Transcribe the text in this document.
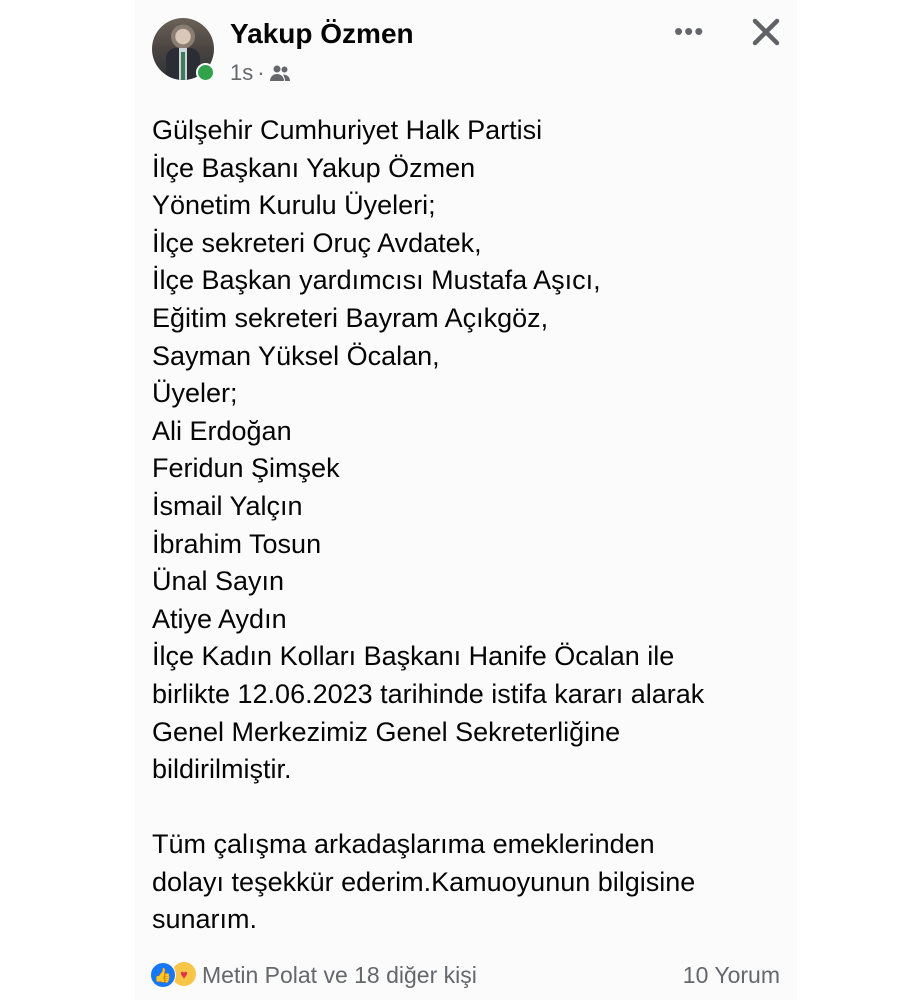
Yakup Özmen
1s ·
•••
Gülşehir Cumhuriyet Halk Partisi
İlçe Başkanı Yakup Özmen
Yönetim Kurulu Üyeleri;
İlçe sekreteri Oruç Avdatek,
İlçe Başkan yardımcısı Mustafa Aşıcı,
Eğitim sekreteri Bayram Açıkgöz,
Sayman Yüksel Öcalan,
Üyeler;
Ali Erdoğan
Feridun Şimşek
İsmail Yalçın
İbrahim Tosun
Ünal Sayın
Atiye Aydın
İlçe Kadın Kolları Başkanı Hanife Öcalan ile
birlikte 12.06.2023 tarihinde istifa kararı alarak
Genel Merkezimiz Genel Sekreterliğine
bildirilmiştir.
Tüm çalışma arkadaşlarıma emeklerinden
dolayı teşekkür ederim.Kamuoyunun bilgisine
sunarım.
👍 ♥ Metin Polat ve 18 diğer kişi	10 Yorum
